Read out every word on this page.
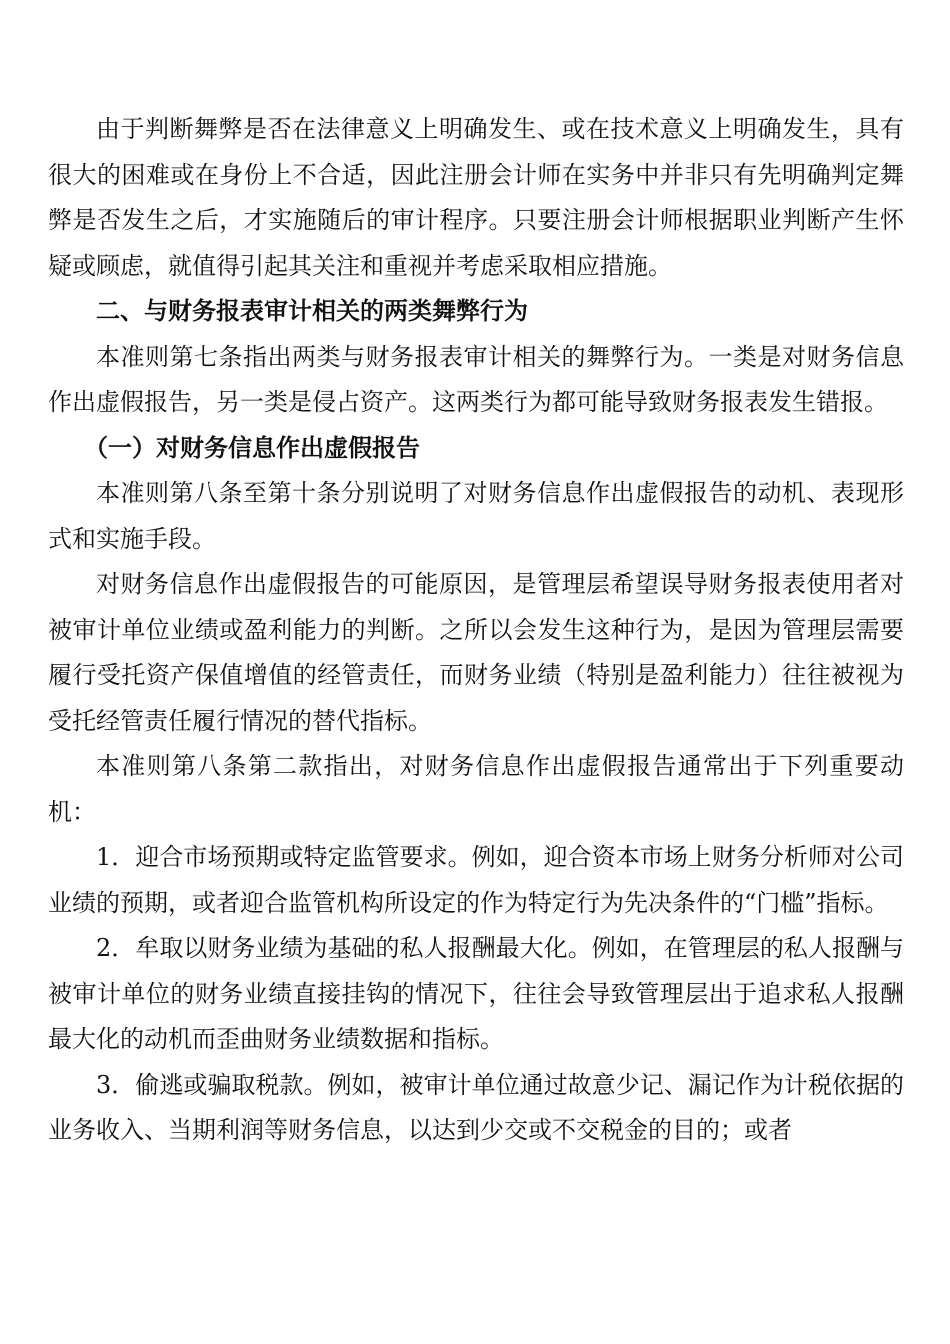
由于判断舞弊是否在法律意义上明确发生、或在技术意义上明确发生，具有很大的困难或在身份上不合适，因此注册会计师在实务中并非只有先明确判定舞弊是否发生之后，才实施随后的审计程序。只要注册会计师根据职业判断产生怀疑或顾虑，就值得引起其关注和重视并考虑采取相应措施。

二、与财务报表审计相关的两类舞弊行为

本准则第七条指出两类与财务报表审计相关的舞弊行为。一类是对财务信息作出虚假报告，另一类是侵占资产。这两类行为都可能导致财务报表发生错报。

（一）对财务信息作出虚假报告

本准则第八条至第十条分别说明了对财务信息作出虚假报告的动机、表现形式和实施手段。

对财务信息作出虚假报告的可能原因，是管理层希望误导财务报表使用者对被审计单位业绩或盈利能力的判断。之所以会发生这种行为，是因为管理层需要履行受托资产保值增值的经管责任，而财务业绩（特别是盈利能力）往往被视为受托经管责任履行情况的替代指标。

本准则第八条第二款指出，对财务信息作出虚假报告通常出于下列重要动机：

1．迎合市场预期或特定监管要求。例如，迎合资本市场上财务分析师对公司业绩的预期，或者迎合监管机构所设定的作为特定行为先决条件的“门槛”指标。

2．牟取以财务业绩为基础的私人报酬最大化。例如，在管理层的私人报酬与被审计单位的财务业绩直接挂钩的情况下，往往会导致管理层出于追求私人报酬最大化的动机而歪曲财务业绩数据和指标。

3．偷逃或骗取税款。例如，被审计单位通过故意少记、漏记作为计税依据的业务收入、当期利润等财务信息，以达到少交或不交税金的目的；或者
